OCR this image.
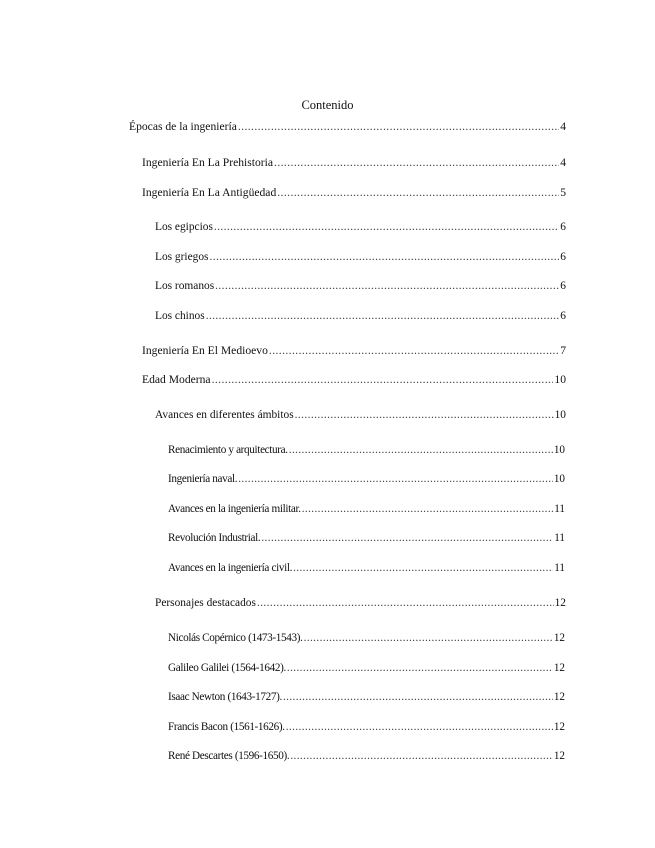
Contenido
Épocas de la ingeniería .....	4
Ingeniería En La Prehistoria .....	4
Ingeniería En La Antigüedad .....	5
Los egipcios .....	6
Los griegos .....	6
Los romanos .....	6
Los chinos .....	6
Ingeniería En El Medioevo .....	7
Edad Moderna .....	10
Avances en diferentes ámbitos .....	10
Renacimiento y arquitectura. .....	10
Ingeniería naval. .....	10
Avances en la ingeniería militar. .....	11
Revolución Industrial. .....	11
Avances en la ingeniería civil. .....	11
Personajes destacados .....	12
Nicolás Copérnico (1473-1543). .....	12
Galileo Galilei (1564-1642). .....	12
Isaac Newton (1643-1727). .....	12
Francis Bacon (1561-1626). .....	12
René Descartes (1596-1650). .....	12
